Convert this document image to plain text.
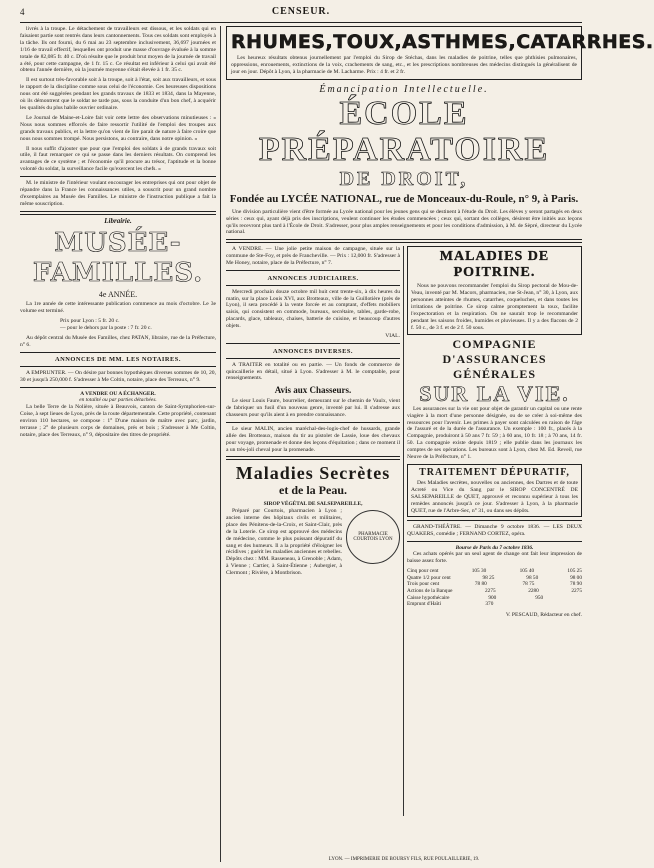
4	CENSEUR.

livrés à la troupe. Le détachement de travailleurs est dissous, et les soldats qui en faisaient partie sont rentrés dans leurs cantonnements. Tous ces soldats sont employés à la tâche. Ils ont fourni, du 6 mai au 23 septembre inclusivement, 36,697 journées et 1/16 de travail effectif, lesquelles ont produit une masse d'ouvrage évaluée à la somme totale de 82,085 fr. 40 c. D'où résulte que le produit brut moyen de la journée de travail a été, pour cette campagne, de 1 fr. 15 c. Ce résultat est inférieur à celui qui avait été obtenu l'année dernière, où la journée moyenne s'était élevée à 1 fr. 35 c.

Il est surtout très-favorable soit à la troupe, soit à l'état, soit aux travailleurs, et sous le rapport de la discipline comme sous celui de l'économie. Ces heureuses dispositions nous ont été suggérées pendant les grands travaux de 1833 et 1834, dans la Mayenne, où ils démontrent que le soldat ne tarde pas, sous la conduite d'un bon chef, à acquérir les qualités du plus habile ouvrier ordinaire.

Le Journal de Maine-et-Loire fait voir cette lettre des observations minutieuses : « Nous nous sommes efforcés de faire ressortir l'utilité de l'emploi des troupes aux grands travaux publics, et la lettre qu'on vient de lire parait de nature à faire croire que nous nous sommes trompé. Nous persistons, au contraire, dans notre opinion. »

Il nous suffit d'ajouter que pour que l'emploi des soldats à de grands travaux soit utile, il faut remarquer ce qui se passe dans les derniers résultats. On comprend les avantages de ce système ; et l'économie qu'il procure au trésor, l'aptitude et la bonne volonté du soldat, la surveillance facile qu'exercent les chefs. »

M. le ministre de l'intérieur voulant encourager les entreprises qui ont pour objet de répandre dans la France les connaissances utiles, a souscrit pour un grand nombre d'exemplaires au Musée des Familles. Le ministre de l'instruction publique a fait la même souscription.

Librairie.
MUSÉE-FAMILLES.
4e ANNÉE.

La 1re année de cette intéressante publication commence au mois d'octobre. Le 3e volume est terminé.

Prix pour Lyon : 5 fr. 20 c.
— pour le dehors par la poste : 7 fr. 20 c.

Au dépôt central du Musée des Familles, chez PATAN, libraire, rue de la Préfecture, n° 6.

ANNONCES DE MM. LES NOTAIRES.

A EMPRUNTER. — On désire par bonnes hypothèques diverses sommes de 10, 20, 30 et jusqu'à 250,000 f. S'adresser à Me Coltin, notaire, place des Terreaux, n° 9.

A VENDRE OU A ÉCHANGER.
en totalité ou par parties détachées.

La belle Terre de la Nolière, située à Beauvois, canton de Saint-Symphorien-sur-Coise, à sept lieues de Lyon, près de la route départementale. Cette propriété, contenant environ 110 hectares, se compose : 1° D'une maison de maître avec parc, jardin, terrasse ; 2° de plusieurs corps de domaines, prés et bois ; S'adresser à Me Coltin, notaire, place des Terreaux, n° 9, dépositaire des titres de propriété.

RHUMES,TOUX,ASTHMES,CATARRHES.

Les heureux résultats obtenus journellement par l'emploi du Sirop de Stéchas, dans les maladies de poitrine, telles que phthisies pulmonaires, oppressions, enrouements, extinctions de la voix, crachements de sang, etc., et les prescriptions nombreuses des médecins distingués la généralisent de jour en jour. Dépôt à Lyon, à la pharmacie de M. Lacharme. Prix : 4 fr. et 2 fr.

Émancipation Intellectuelle.
ÉCOLE PRÉPARATOIRE
DE DROIT,
Fondée au LYCÉE NATIONAL, rue de Monceaux-du-Roule, n° 9, à Paris.

Une division particulière vient d'être formée au Lycée national pour les jeunes gens qui se destinent à l'étude du Droit. Les élèves y seront partagés en deux séries : ceux qui, ayant déjà pris des inscriptions, veulent continuer les études commencées ; ceux qui, sortant des collèges, désirent être initiés aux leçons qu'ils recevront plus tard à l'École de Droit. S'adresser, pour plus amples renseignements et pour les conditions d'admission, à M. de Sèpré, directeur du Lycée national.

A VENDRE. — Une jolie petite maison de campagne, située sur la commune de Ste-Foy, et près de Francheville. — Prix : 12,000 fr. S'adresser à Me Honey, notaire, place de la Préfecture, n° 7.

ANNONCES JUDICIAIRES.

Mercredi prochain douze octobre mil huit cent trente-six, à dix heures du matin, sur la place Louis XVI, aux Brotteaux, ville de la Guillotière (près de Lyon), il sera procédé à la vente forcée et au comptant, d'effets mobiliers saisis, qui consistent en commode, bureaux, secrétaire, tables, garde-robe, placards, glace, tableaux, chaises, batterie de cuisine, et beaucoup d'autres objets.

VIAL.
ANNONCES DIVERSES.

A TRAITER en totalité ou en partie. — Un fonds de commerce de quincaillerie en détail, situé à Lyon. S'adresser à M. le comptable, pour renseignements.

Avis aux Chasseurs.

Le sieur Louis Faure, bourrelier, demeurant sur le chemin de Vaulx, vient de fabriquer un fusil d'un nouveau genre, inventé par lui. Il s'adresse aux chasseurs pour qu'ils aient à en prendre connaissance.

Le sieur MALIN, ancien maréchal-des-logis-chef de hussards, grande allée des Brotteaux, maison du tir au pistolet de Lassie, loue des chevaux pour voyage, promenade et donne des leçons d'équitation ; dans ce moment il a un très-joli cheval pour la promenade.

Maladies Secrètes
et de la Peau.
SIROP VÉGÉTAL DE SALSEPAREILLE,
PHARMACIE COURTOIS LYON

Préparé par Courtois, pharmacien à Lyon ; ancien interne des hôpitaux civils et militaires, place des Pénitens-de-la-Croix, et Saint-Clair, près de la Loterie. Ce sirop est approuvé des médecins de médecine, comme le plus puissant dépuratif du sang et des humeurs. Il a la propriété d'éloigner les récidives ; guérit les maladies anciennes et rebelles. Dépôts chez : MM. Rasseneau, à Grenoble ; Adam, à Vienne ; Cartier, à Saint-Étienne ; Aubergier, à Clermont ; Rivière, à Montbrison.

MALADIES DE POITRINE.

Nous ne pouvons recommander l'emploi du Sirop pectoral de Mou-de-Veau, inventé par M. Macors, pharmacien, rue St-Jean, n° 30, à Lyon, aux personnes atteintes de rhumes, catarrhes, coqueluches, et dans toutes les irritations de poitrine. Ce sirop calme promptement la toux, facilite l'expectoration et la respiration. On ne saurait trop le recommander pendant les saisons froides, humides et pluvieuses. Il y a des flacons de 2 f. 50 c., de 3 f. et de 2 f. 50 sous.

COMPAGNIE D'ASSURANCES GÉNÉRALES
SUR LA VIE.

Les assurances sur la vie ont pour objet de garantir un capital ou une rente viagère à la mort d'une personne désignée, ou de se créer à soi-même des ressources pour l'avenir. Les primes à payer sont calculées en raison de l'âge de l'assuré et de la durée de l'assurance. Un exemple : 100 fr., placés à la Compagnie, produiront à 50 ans 7 fr. 59 ; à 60 ans, 10 fr. 18 ; à 70 ans, 14 fr. 50. La compagnie existe depuis 1819 ; elle publie dans les journaux les comptes de ses opérations. Les bureaux sont à Lyon, chez M. Ed. Reveil, rue Neuve de la Préfecture, n° 1.

TRAITEMENT DÉPURATIF,

Des Maladies secrètes, nouvelles ou anciennes, des Dartres et de toute Acreté ou Vice du Sang par le SIROP CONCENTRÉ DE SALSEPAREILLE de QUET, approuvé et reconnu supérieur à tous les remèdes annoncés jusqu'à ce jour. S'adresser à Lyon, à la pharmacie QUET, rue de l'Arbre-Sec, n° 31, ou dans ses dépôts.

GRAND-THÉÂTRE. — Dimanche 9 octobre 1836. — LES DEUX QUAKERS, comédie ; FERNAND CORTEZ, opéra.

Bourse de Paris du 7 octobre 1836.

Ces achats opérés par un seul agent de change ont fait leur impression de baisse assez forte.

Cinq pour cent	105 30	105 40	105 25
Quatre 1/2 pour cent	98 25	98 50	98 00
Trois pour cent	78 80	78 75	78 90
Actions de la Banque	2275	2280	2275
Caisse hypothécaire	900	950
Emprunt d'Haïti	370
V. PESCAUD, Rédacteur en chef.
LYON. — IMPRIMERIE DE BOURSY FILS, RUE POULAILLERIE, 19.
